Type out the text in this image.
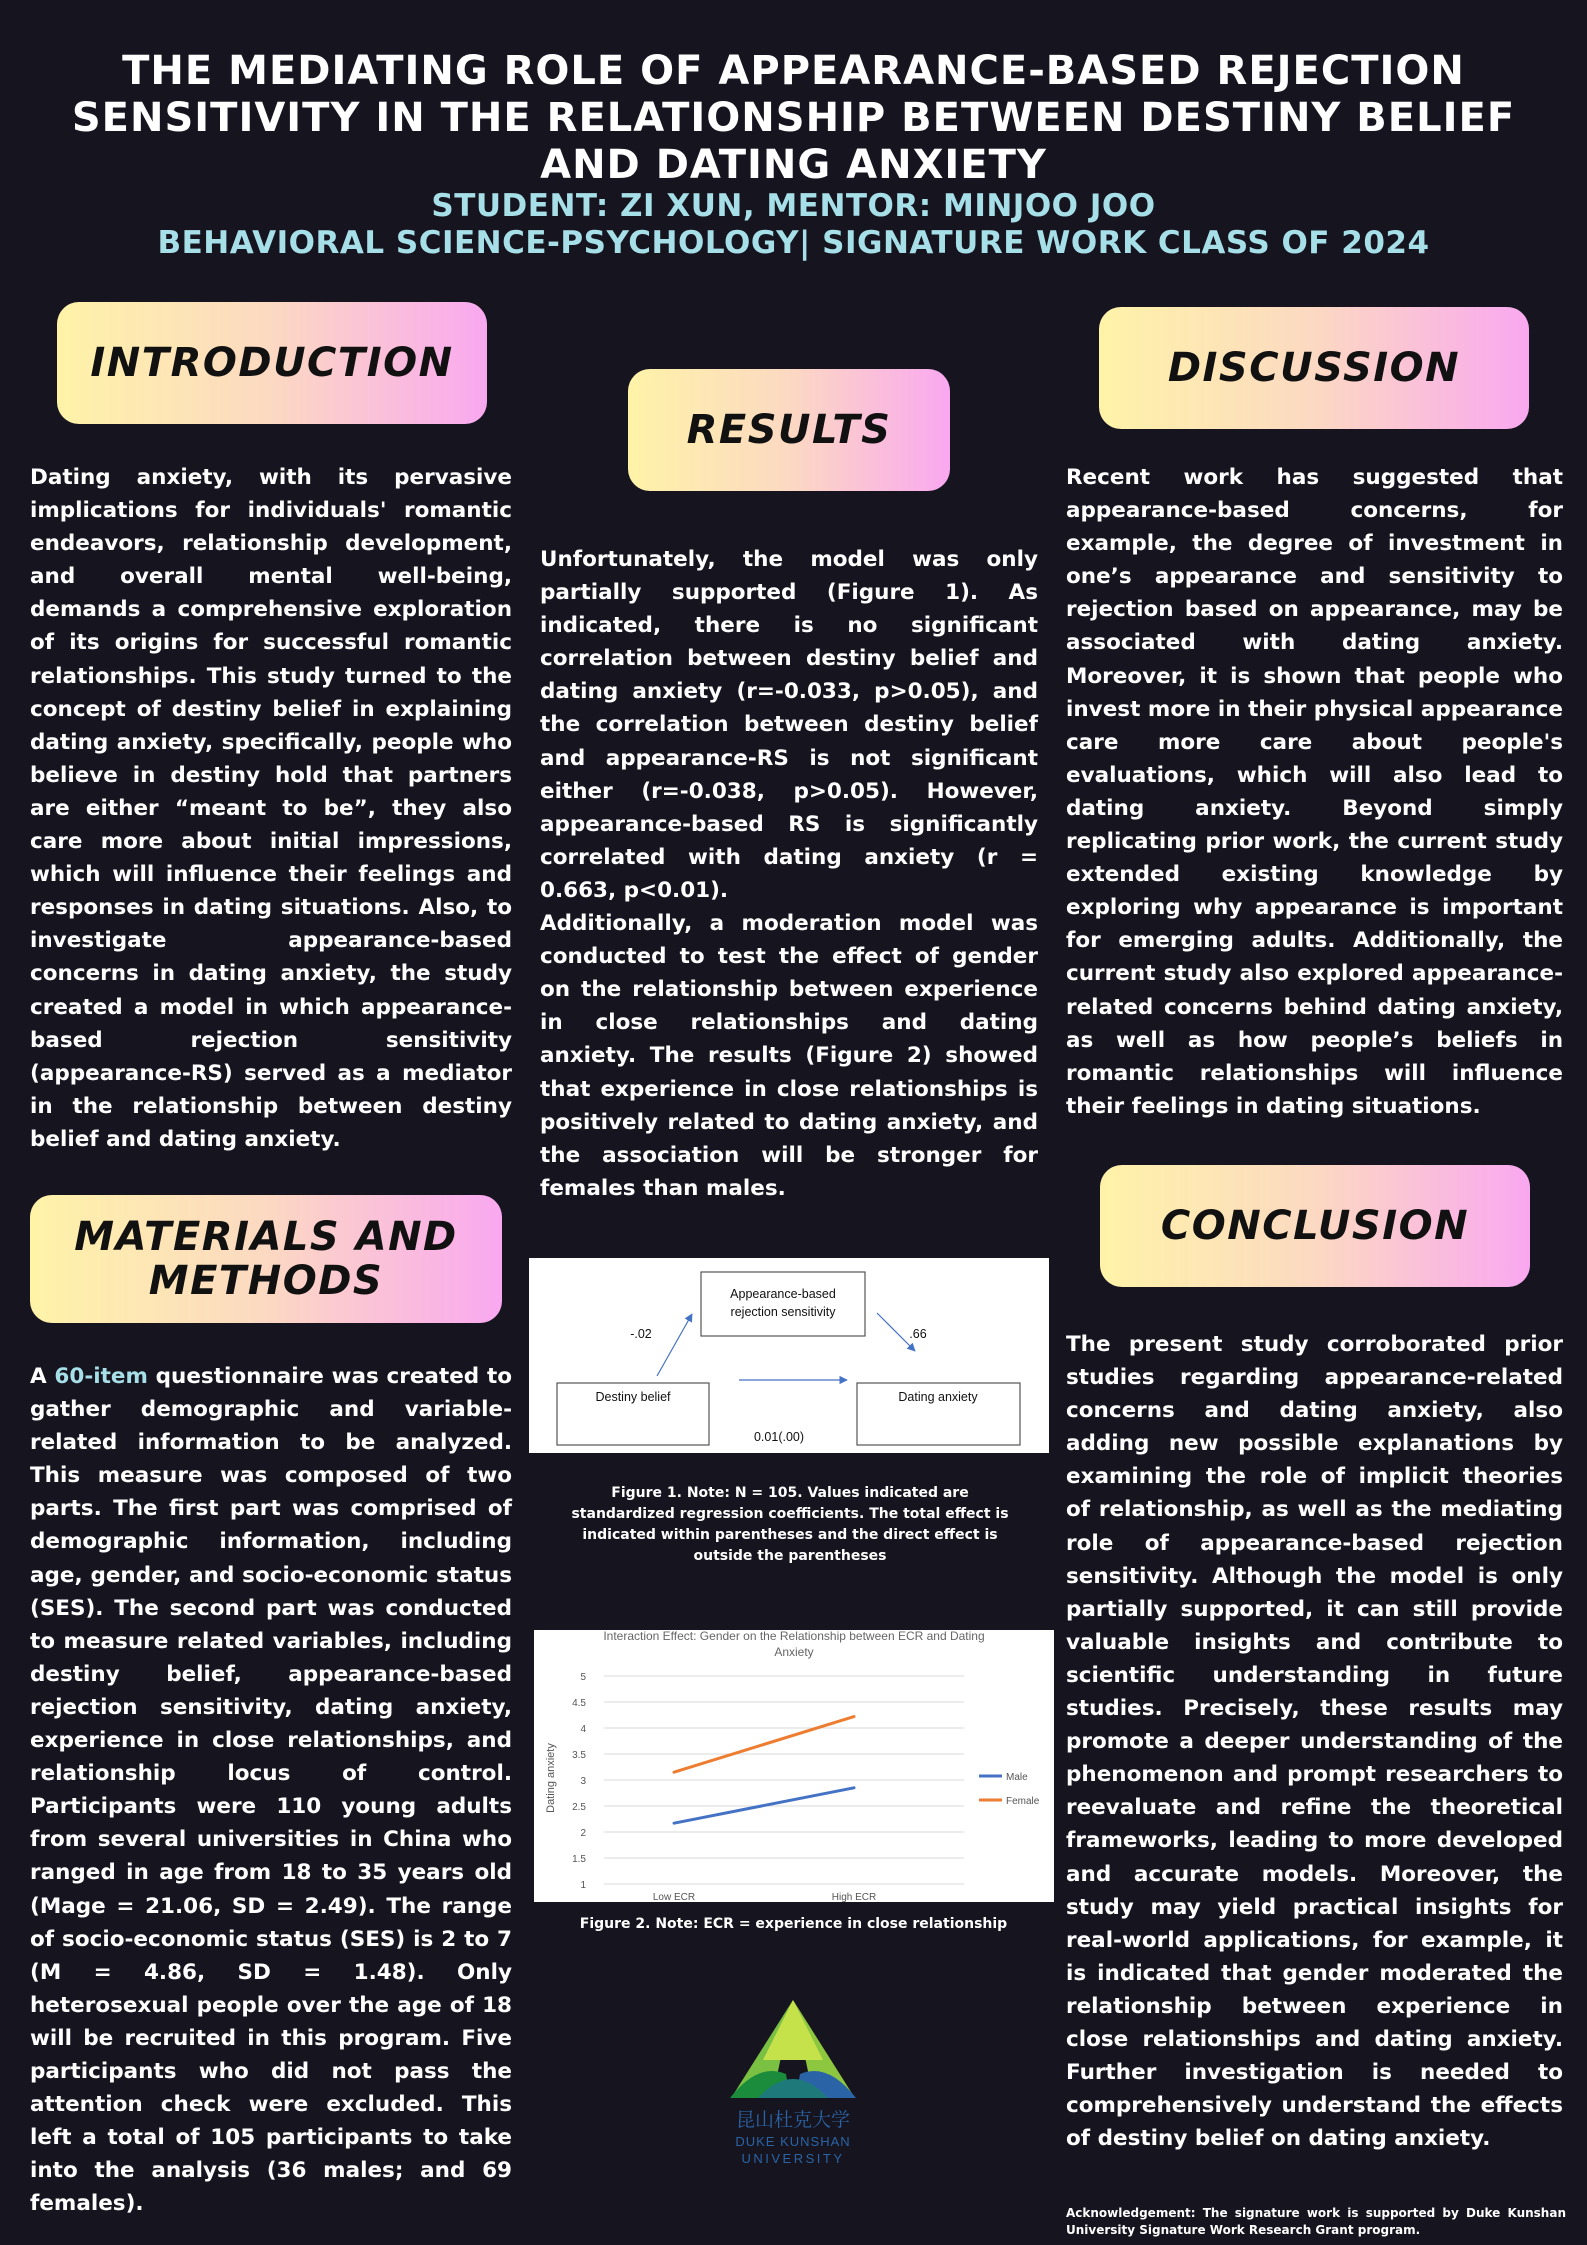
THE MEDIATING ROLE OF APPEARANCE-BASED REJECTION SENSITIVITY IN THE RELATIONSHIP BETWEEN DESTINY BELIEF AND DATING ANXIETY
STUDENT: ZI XUN, MENTOR: MINJOO JOO
BEHAVIORAL SCIENCE-PSYCHOLOGY| SIGNATURE WORK CLASS OF 2024
INTRODUCTION
Dating anxiety, with its pervasive implications for individuals' romantic endeavors, relationship development, and overall mental well-being, demands a comprehensive exploration of its origins for successful romantic relationships. This study turned to the concept of destiny belief in explaining dating anxiety, specifically, people who believe in destiny hold that partners are either “meant to be”, they also care more about initial impressions, which will influence their feelings and responses in dating situations. Also, to investigate appearance-based concerns in dating anxiety, the study created a model in which appearance-based rejection sensitivity (appearance-RS) served as a mediator in the relationship between destiny belief and dating anxiety.
MATERIALS AND METHODS
A 60-item questionnaire was created to gather demographic and variable-related information to be analyzed. This measure was composed of two parts. The first part was comprised of demographic information, including age, gender, and socio-economic status (SES). The second part was conducted to measure related variables, including destiny belief, appearance-based rejection sensitivity, dating anxiety, experience in close relationships, and relationship locus of control. Participants were 110 young adults from several universities in China who ranged in age from 18 to 35 years old (Mage = 21.06, SD = 2.49). The range of socio-economic status (SES) is 2 to 7 (M = 4.86, SD = 1.48). Only heterosexual people over the age of 18 will be recruited in this program. Five participants who did not pass the attention check were excluded. This left a total of 105 participants to take into the analysis (36 males; and 69 females).
RESULTS

Unfortunately, the model was only partially supported (Figure 1). As indicated, there is no significant correlation between destiny belief and dating anxiety (r=-0.033, p>0.05), and the correlation between destiny belief and appearance-RS is not significant either (r=-0.038, p>0.05). However, appearance-based RS is significantly correlated with dating anxiety (r = 0.663, p<0.01).

Additionally, a moderation model was conducted to test the effect of gender on the relationship between experience in close relationships and dating anxiety. The results (Figure 2) showed that experience in close relationships is positively related to dating anxiety, and the association will be stronger for females than males.

Appearance-based
rejection sensitivity
Destiny belief	Dating anxiety
-.02	.66
0.01(.00)
Figure 1. Note: N = 105. Values indicated are standardized regression coefficients. The total effect is indicated within parentheses and the direct effect is outside the parentheses
Interaction Effect: Gender on the Relationship between ECR and Dating
Anxiety
Dating anxiety
1
1.5
2
2.5
3
3.5
4
4.5
5
Low ECR	High ECR
Male
Female
Figure 2. Note: ECR = experience in close relationship
昆山杜克大学
DUKE KUNSHAN
UNIVERSITY
DISCUSSION
Recent work has suggested that appearance-based concerns, for example, the degree of investment in one’s appearance and sensitivity to rejection based on appearance, may be associated with dating anxiety. Moreover, it is shown that people who invest more in their physical appearance care more care about people's evaluations, which will also lead to dating anxiety. Beyond simply replicating prior work, the current study extended existing knowledge by exploring why appearance is important for emerging adults. Additionally, the current study also explored appearance-related concerns behind dating anxiety, as well as how people’s beliefs in romantic relationships will influence their feelings in dating situations.
CONCLUSION
The present study corroborated prior studies regarding appearance-related concerns and dating anxiety, also adding new possible explanations by examining the role of implicit theories of relationship, as well as the mediating role of appearance-based rejection sensitivity. Although the model is only partially supported, it can still provide valuable insights and contribute to scientific understanding in future studies. Precisely, these results may promote a deeper understanding of the phenomenon and prompt researchers to reevaluate and refine the theoretical frameworks, leading to more developed and accurate models. Moreover, the study may yield practical insights for real-world applications, for example, it is indicated that gender moderated the relationship between experience in close relationships and dating anxiety. Further investigation is needed to comprehensively understand the effects of destiny belief on dating anxiety.
Acknowledgement: The signature work is supported by Duke Kunshan University Signature Work Research Grant program.
